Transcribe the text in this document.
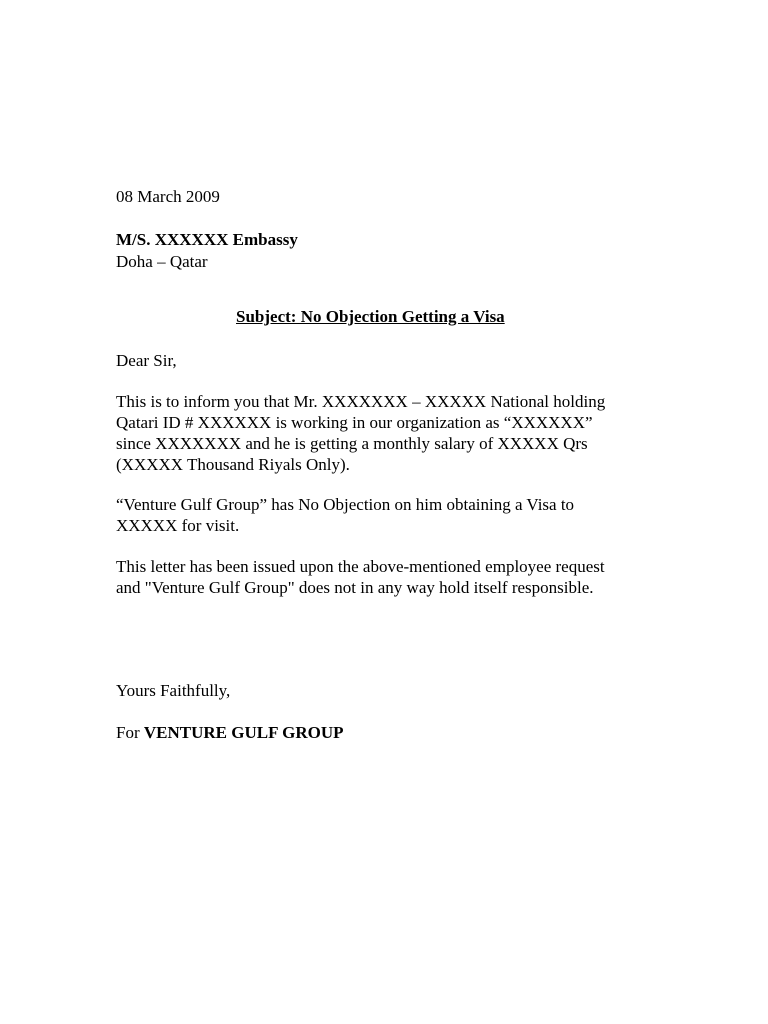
08 March 2009
M/S. XXXXXX Embassy
Doha – Qatar
Subject: No Objection Getting a Visa
Dear Sir,
This is to inform you that Mr. XXXXXXX – XXXXX National holding
Qatari ID # XXXXXX is working in our organization as “XXXXXX”
since XXXXXXX and he is getting a monthly salary of XXXXX Qrs
(XXXXX Thousand Riyals Only).
“Venture Gulf Group” has No Objection on him obtaining a Visa to
XXXXX for visit.
This letter has been issued upon the above-mentioned employee request
and "Venture Gulf Group" does not in any way hold itself responsible.
Yours Faithfully,
For VENTURE GULF GROUP
